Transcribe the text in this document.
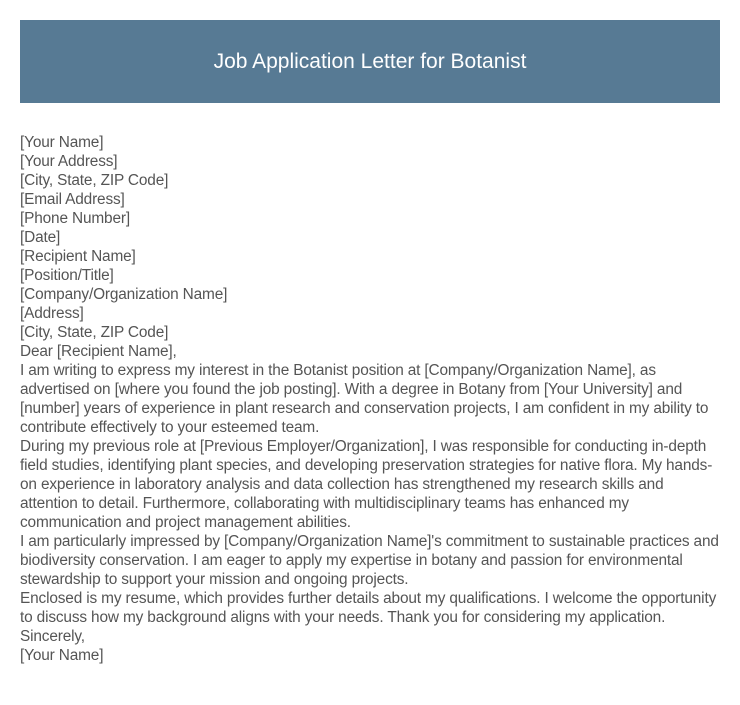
Job Application Letter for Botanist

[Your Name]

[Your Address]

[City, State, ZIP Code]

[Email Address]

[Phone Number]

[Date]

[Recipient Name]

[Position/Title]

[Company/Organization Name]

[Address]

[City, State, ZIP Code]

Dear [Recipient Name],

I am writing to express my interest in the Botanist position at [Company/Organization Name], as advertised on [where you found the job posting]. With a degree in Botany from [Your University] and [number] years of experience in plant research and conservation projects, I am confident in my ability to contribute effectively to your esteemed team.

During my previous role at [Previous Employer/Organization], I was responsible for conducting in-depth field studies, identifying plant species, and developing preservation strategies for native flora. My hands-on experience in laboratory analysis and data collection has strengthened my research skills and attention to detail. Furthermore, collaborating with multidisciplinary teams has enhanced my communication and project management abilities.

I am particularly impressed by [Company/Organization Name]'s commitment to sustainable practices and biodiversity conservation. I am eager to apply my expertise in botany and passion for environmental stewardship to support your mission and ongoing projects.

Enclosed is my resume, which provides further details about my qualifications. I welcome the opportunity to discuss how my background aligns with your needs. Thank you for considering my application.

Sincerely,

[Your Name]
